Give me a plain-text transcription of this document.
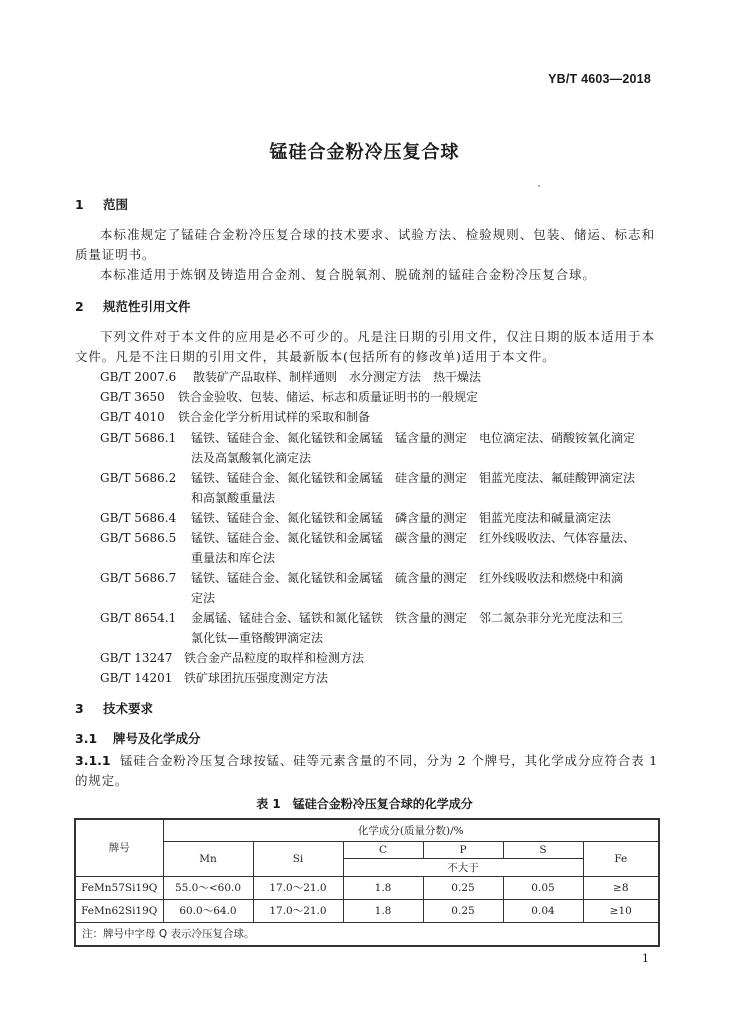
YB/T 4603—2018
锰硅合金粉冷压复合球
1 范围
本标准规定了锰硅合金粉冷压复合球的技术要求、试验方法、检验规则、包装、储运、标志和质量证明书。
本标准适用于炼钢及铸造用合金剂、复合脱氧剂、脱硫剂的锰硅合金粉冷压复合球。
2 规范性引用文件
下列文件对于本文件的应用是必不可少的。凡是注日期的引用文件，仅注日期的版本适用于本文件。凡是不注日期的引用文件，其最新版本(包括所有的修改单)适用于本文件。
GB/T 2007.6 散装矿产品取样、制样通则　水分测定方法　热干燥法
GB/T 3650 铁合金验收、包装、储运、标志和质量证明书的一般规定
GB/T 4010 铁合金化学分析用试样的采取和制备
GB/T 5686.1 锰铁、锰硅合金、氮化锰铁和金属锰　锰含量的测定　电位滴定法、硝酸铵氧化滴定
法及高氯酸氧化滴定法
GB/T 5686.2 锰铁、锰硅合金、氮化锰铁和金属锰　硅含量的测定　钼蓝光度法、氟硅酸钾滴定法
和高氯酸重量法
GB/T 5686.4 锰铁、锰硅合金、氮化锰铁和金属锰　磷含量的测定　钼蓝光度法和碱量滴定法
GB/T 5686.5 锰铁、锰硅合金、氮化锰铁和金属锰　碳含量的测定　红外线吸收法、气体容量法、
重量法和库仑法
GB/T 5686.7 锰铁、锰硅合金、氮化锰铁和金属锰　硫含量的测定　红外线吸收法和燃烧中和滴
定法
GB/T 8654.1 金属锰、锰硅合金、锰铁和氮化锰铁　铁含量的测定　邻二氮杂菲分光光度法和三
氯化钛—重铬酸钾滴定法
GB/T 13247 铁合金产品粒度的取样和检测方法
GB/T 14201 铁矿球团抗压强度测定方法
3 技术要求
3.1 牌号及化学成分
3.1.1 锰硅合金粉冷压复合球按锰、硅等元素含量的不同，分为 2 个牌号，其化学成分应符合表 1 的规定。
表 1　锰硅合金粉冷压复合球的化学成分
牌号	化学成分(质量分数)/%					
	Mn	Si	C	P	S	Fe
			不大于			
FeMn57Si19Q	55.0～<60.0	17.0～21.0	1.8	0.25	0.05	≥8
FeMn62Si19Q	60.0～64.0	17.0～21.0	1.8	0.25	0.04	≥10
注：牌号中字母 Q 表示冷压复合球。						
1
